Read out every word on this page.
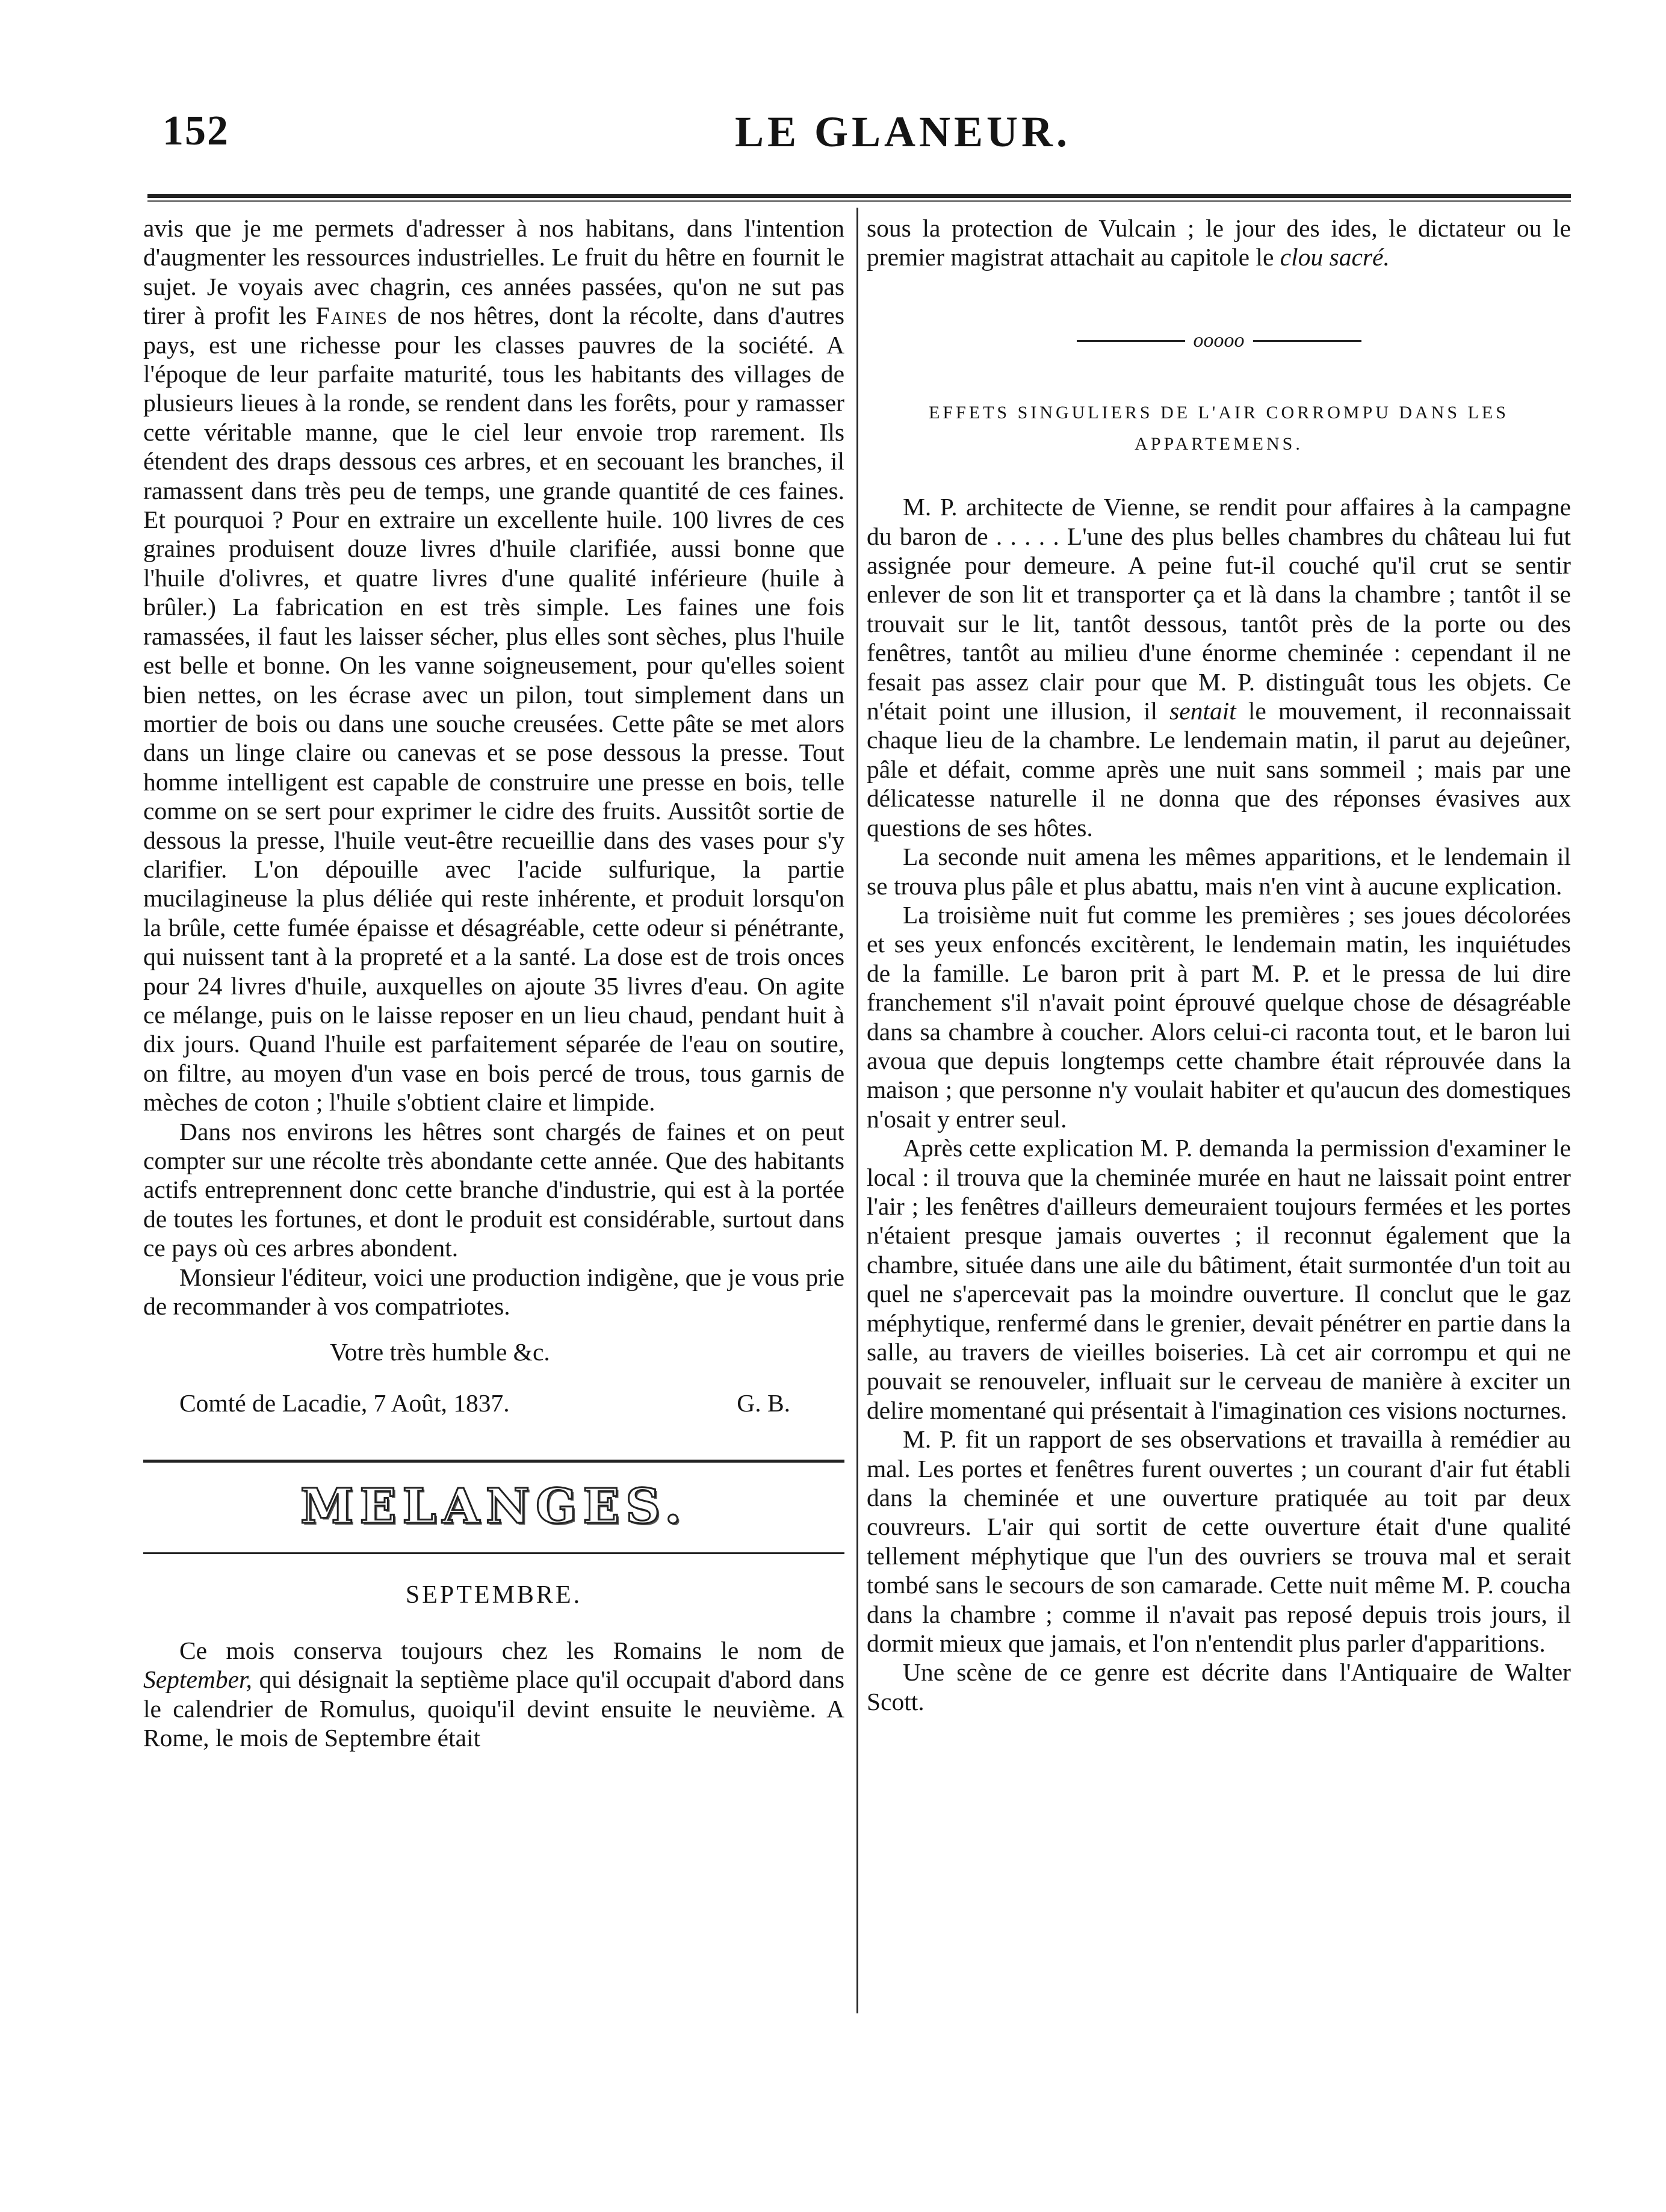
152	LE GLANEUR.

avis que je me permets d'adresser à nos habitans, dans l'intention d'augmenter les ressources industrielles. Le fruit du hêtre en fournit le sujet. Je voyais avec chagrin, ces années passées, qu'on ne sut pas tirer à profit les Faines de nos hêtres, dont la récolte, dans d'autres pays, est une richesse pour les classes pauvres de la société. A l'époque de leur parfaite maturité, tous les habitants des villages de plusieurs lieues à la ronde, se rendent dans les forêts, pour y ramasser cette véritable manne, que le ciel leur envoie trop rarement. Ils étendent des draps dessous ces arbres, et en secouant les branches, il ramassent dans très peu de temps, une grande quantité de ces faines. Et pourquoi ? Pour en extraire un excellente huile. 100 livres de ces graines produisent douze livres d'huile clarifiée, aussi bonne que l'huile d'olivres, et quatre livres d'une qualité inférieure (huile à brûler.) La fabrication en est très simple. Les faines une fois ramassées, il faut les laisser sécher, plus elles sont sèches, plus l'huile est belle et bonne. On les vanne soigneusement, pour qu'elles soient bien nettes, on les écrase avec un pilon, tout simplement dans un mortier de bois ou dans une souche creusées. Cette pâte se met alors dans un linge claire ou canevas et se pose dessous la presse. Tout homme intelligent est capable de construire une presse en bois, telle comme on se sert pour exprimer le cidre des fruits. Aussitôt sortie de dessous la presse, l'huile veut-être recueillie dans des vases pour s'y clarifier. L'on dépouille avec l'acide sulfurique, la partie mucilagineuse la plus déliée qui reste inhérente, et produit lorsqu'on la brûle, cette fumée épaisse et désagréable, cette odeur si pénétrante, qui nuissent tant à la propreté et a la santé. La dose est de trois onces pour 24 livres d'huile, auxquelles on ajoute 35 livres d'eau. On agite ce mélange, puis on le laisse reposer en un lieu chaud, pendant huit à dix jours. Quand l'huile est parfaitement séparée de l'eau on soutire, on filtre, au moyen d'un vase en bois percé de trous, tous garnis de mèches de coton ; l'huile s'obtient claire et limpide.

Dans nos environs les hêtres sont chargés de faines et on peut compter sur une récolte très abondante cette année. Que des habitants actifs entreprennent donc cette branche d'industrie, qui est à la portée de toutes les fortunes, et dont le produit est considérable, surtout dans ce pays où ces arbres abondent.

Monsieur l'éditeur, voici une production indigène, que je vous prie de recommander à vos compatriotes.

Votre très humble &c.
Comté de Lacadie, 7 Août, 1837.	G. B.
MELANGES.
SEPTEMBRE.

Ce mois conserva toujours chez les Romains le nom de September, qui désignait la septième place qu'il occupait d'abord dans le calendrier de Romulus, quoiqu'il devint ensuite le neuvième. A Rome, le mois de Septembre était

sous la protection de Vulcain ; le jour des ides, le dictateur ou le premier magistrat attachait au capitole le clou sacré.

ooooo
EFFETS SINGULIERS DE L'AIR CORROMPU DANS LES
APPARTEMENS.

M. P. architecte de Vienne, se rendit pour affaires à la campagne du baron de . . . . . L'une des plus belles chambres du château lui fut assignée pour demeure. A peine fut-il couché qu'il crut se sentir enlever de son lit et transporter ça et là dans la chambre ; tantôt il se trouvait sur le lit, tantôt dessous, tantôt près de la porte ou des fenêtres, tantôt au milieu d'une énorme cheminée : cependant il ne fesait pas assez clair pour que M. P. distinguât tous les objets. Ce n'était point une illusion, il sentait le mouvement, il reconnaissait chaque lieu de la chambre. Le lendemain matin, il parut au dejeûner, pâle et défait, comme après une nuit sans sommeil ; mais par une délicatesse naturelle il ne donna que des réponses évasives aux questions de ses hôtes.

La seconde nuit amena les mêmes apparitions, et le lendemain il se trouva plus pâle et plus abattu, mais n'en vint à aucune explication.

La troisième nuit fut comme les premières ; ses joues décolorées et ses yeux enfoncés excitèrent, le lendemain matin, les inquiétudes de la famille. Le baron prit à part M. P. et le pressa de lui dire franchement s'il n'avait point éprouvé quelque chose de désagréable dans sa chambre à coucher. Alors celui-ci raconta tout, et le baron lui avoua que depuis longtemps cette chambre était réprouvée dans la maison ; que personne n'y voulait habiter et qu'aucun des domestiques n'osait y entrer seul.

Après cette explication M. P. demanda la permission d'examiner le local : il trouva que la cheminée murée en haut ne laissait point entrer l'air ; les fenêtres d'ailleurs demeuraient toujours fermées et les portes n'étaient presque jamais ouvertes ; il reconnut également que la chambre, située dans une aile du bâtiment, était surmontée d'un toit au quel ne s'apercevait pas la moindre ouverture. Il conclut que le gaz méphytique, renfermé dans le grenier, devait pénétrer en partie dans la salle, au travers de vieilles boiseries. Là cet air corrompu et qui ne pouvait se renouveler, influait sur le cerveau de manière à exciter un delire momentané qui présentait à l'imagination ces visions nocturnes.

M. P. fit un rapport de ses observations et travailla à remédier au mal. Les portes et fenêtres furent ouvertes ; un courant d'air fut établi dans la cheminée et une ouverture pratiquée au toit par deux couvreurs. L'air qui sortit de cette ouverture était d'une qualité tellement méphytique que l'un des ouvriers se trouva mal et serait tombé sans le secours de son camarade. Cette nuit même M. P. coucha dans la chambre ; comme il n'avait pas reposé depuis trois jours, il dormit mieux que jamais, et l'on n'entendit plus parler d'apparitions.

Une scène de ce genre est décrite dans l'Antiquaire de Walter Scott.
